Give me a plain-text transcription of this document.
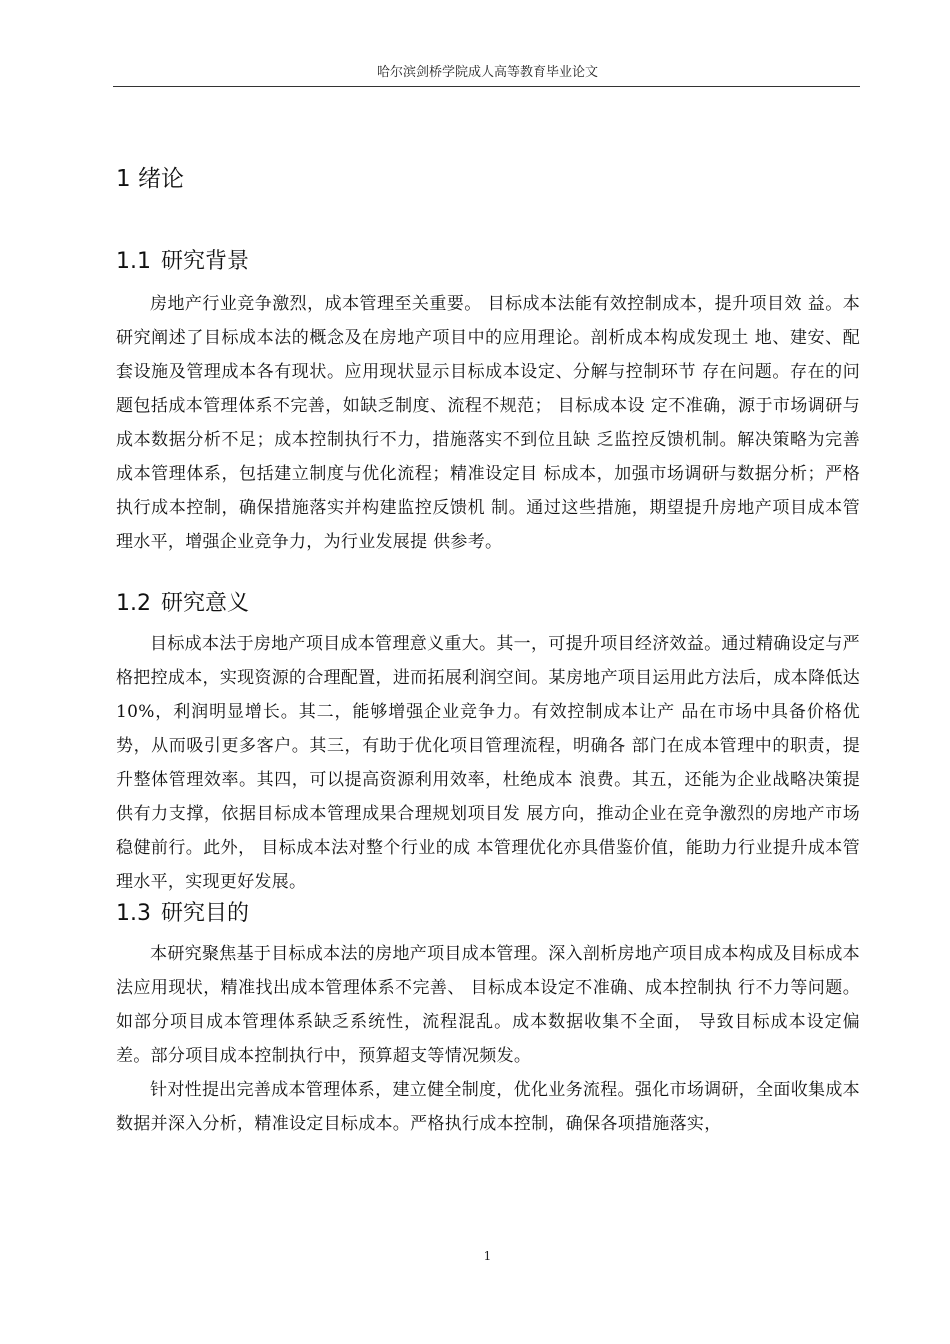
哈尔滨剑桥学院成人高等教育毕业论文
1 绪论
1.1 研究背景

房地产行业竞争激烈，成本管理至关重要。 目标成本法能有效控制成本，提升项目效 益。本研究阐述了目标成本法的概念及在房地产项目中的应用理论。剖析成本构成发现土 地、建安、配套设施及管理成本各有现状。应用现状显示目标成本设定、分解与控制环节 存在问题。存在的问题包括成本管理体系不完善，如缺乏制度、流程不规范； 目标成本设 定不准确，源于市场调研与成本数据分析不足；成本控制执行不力，措施落实不到位且缺 乏监控反馈机制。解决策略为完善成本管理体系，包括建立制度与优化流程；精准设定目 标成本，加强市场调研与数据分析；严格执行成本控制，确保措施落实并构建监控反馈机 制。通过这些措施，期望提升房地产项目成本管理水平，增强企业竞争力，为行业发展提 供参考。

1.2 研究意义

目标成本法于房地产项目成本管理意义重大。其一，可提升项目经济效益。通过精确设定与严格把控成本，实现资源的合理配置，进而拓展利润空间。某房地产项目运用此方法后，成本降低达 10%，利润明显增长。其二，能够增强企业竞争力。有效控制成本让产 品在市场中具备价格优势，从而吸引更多客户。其三，有助于优化项目管理流程，明确各 部门在成本管理中的职责，提升整体管理效率。其四，可以提高资源利用效率，杜绝成本 浪费。其五，还能为企业战略决策提供有力支撑，依据目标成本管理成果合理规划项目发 展方向，推动企业在竞争激烈的房地产市场稳健前行。此外， 目标成本法对整个行业的成 本管理优化亦具借鉴价值，能助力行业提升成本管理水平，实现更好发展。

1.3 研究目的

本研究聚焦基于目标成本法的房地产项目成本管理。深入剖析房地产项目成本构成及目标成本法应用现状，精准找出成本管理体系不完善、 目标成本设定不准确、成本控制执 行不力等问题。如部分项目成本管理体系缺乏系统性，流程混乱。成本数据收集不全面， 导致目标成本设定偏差。部分项目成本控制执行中，预算超支等情况频发。

针对性提出完善成本管理体系，建立健全制度，优化业务流程。强化市场调研，全面收集成本数据并深入分析，精准设定目标成本。严格执行成本控制，确保各项措施落实，

1
